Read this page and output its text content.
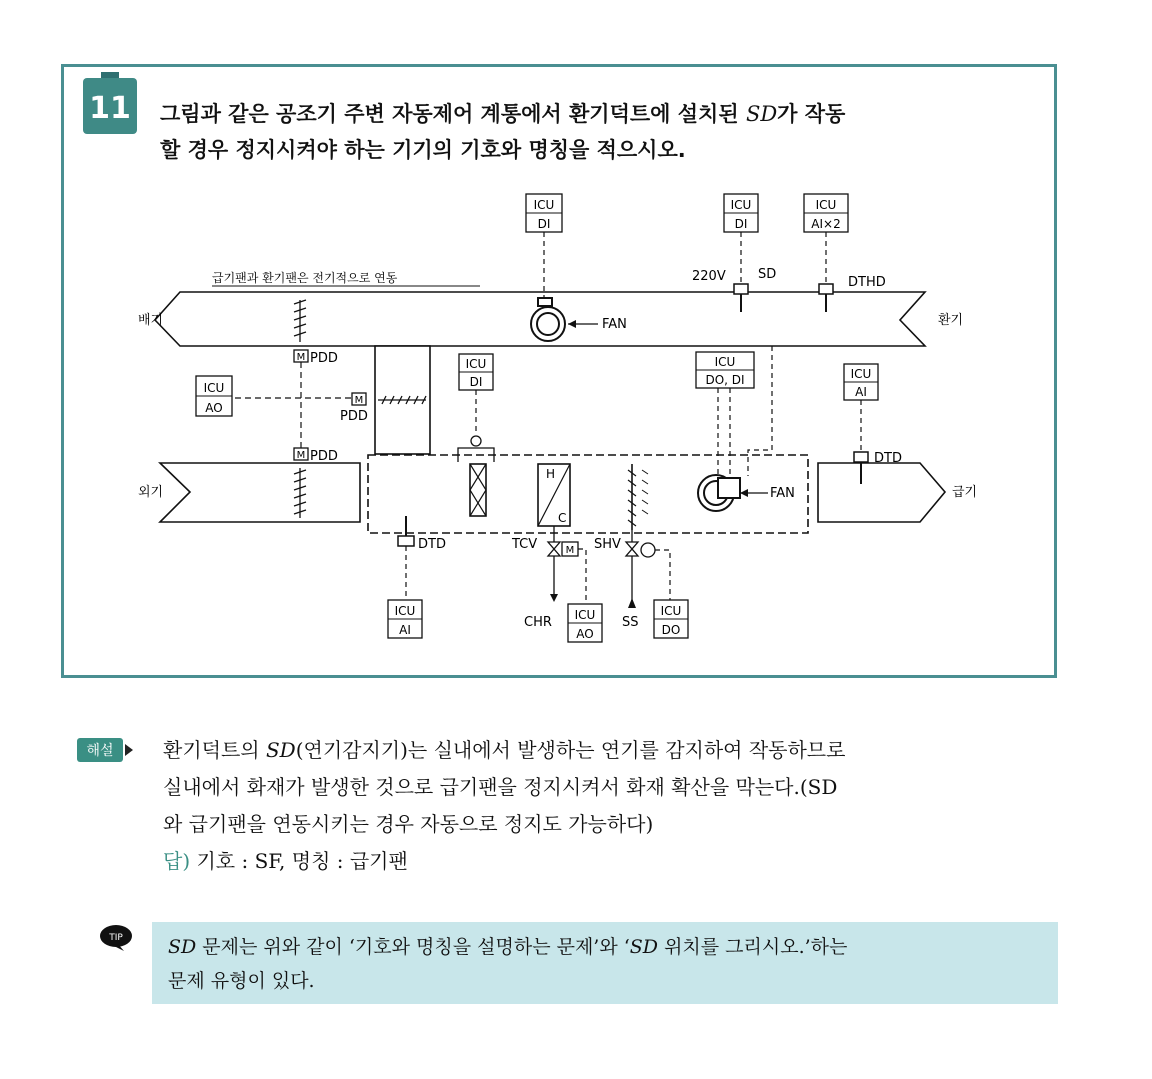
11 그림과 같은 공조기 주변 자동제어 계통에서 환기덕트에 설치된 SD가 작동
할 경우 정지시켜야 하는 기기의 기호와 명칭을 적으시오.
M
M
M
PDD
PDD
PDD
ICU
AO
배기	환기
외기	급기
급기팬과 환기팬은 전기적으로 연동
FAN
ICU
DI
ICU
DI
220V SD
ICU
AI×2
DTHD
ICU
DI
H
C
FAN
ICU
DO, DI	ICU
AI
DTD
DTD
ICU
AI
M
TCV
CHR ICU
AO
SHV
SS
ICU
DO
해설 환기덕트의 SD(연기감지기)는 실내에서 발생하는 연기를 감지하여 작동하므로

실내에서 화재가 발생한 것으로 급기팬을 정지시켜서 화재 확산을 막는다.(SD

와 급기팬을 연동시키는 경우 자동으로 정지도 가능하다)

답) 기호 : SF, 명칭 : 급기팬

TIP SD 문제는 위와 같이 ‘기호와 명칭을 설명하는 문제’와 ‘SD 위치를 그리시오.’하는
문제 유형이 있다.
